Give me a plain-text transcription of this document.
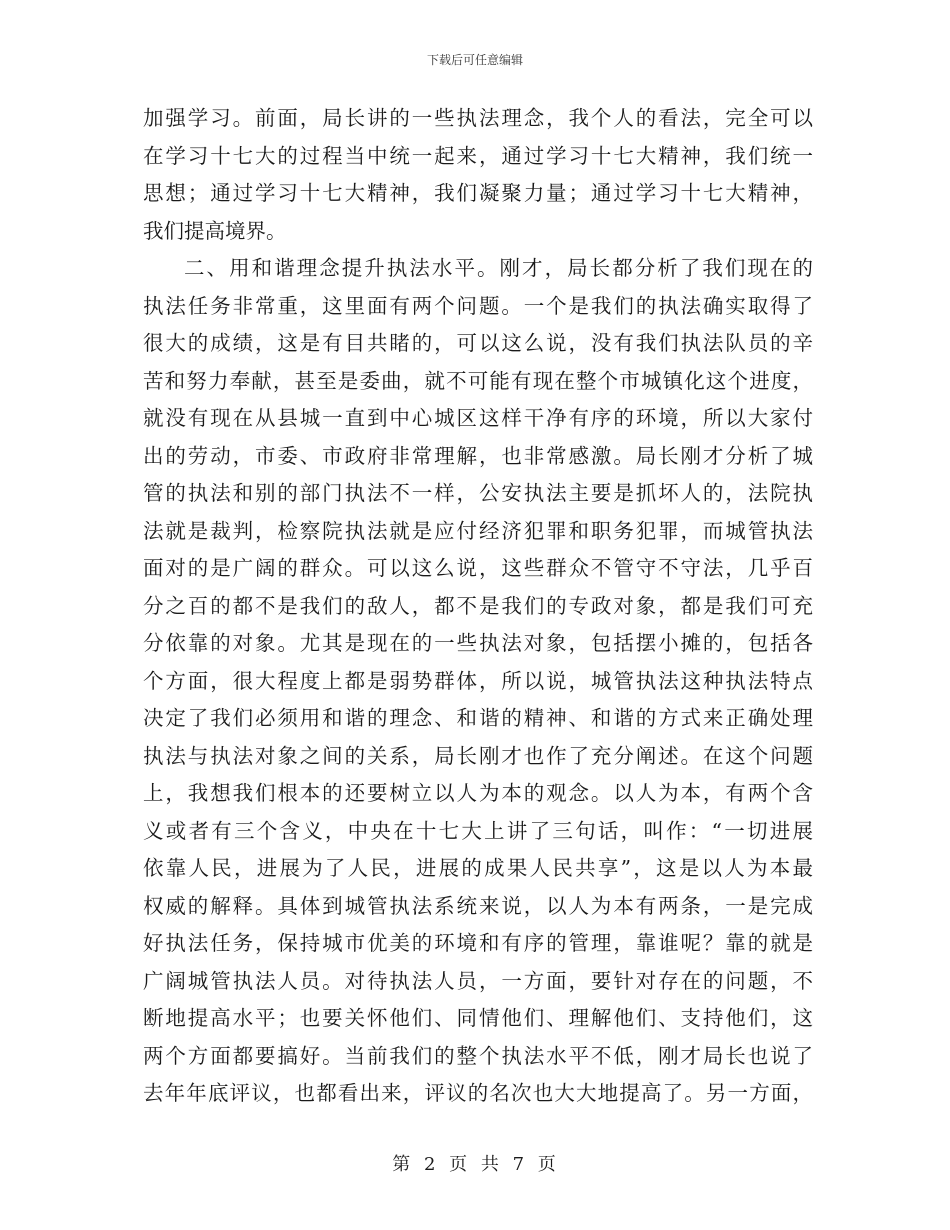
下载后可任意编辑
加强学习。前面，局长讲的一些执法理念，我个人的看法，完全可以
在学习十七大的过程当中统一起来，通过学习十七大精神，我们统一
思想；通过学习十七大精神，我们凝聚力量；通过学习十七大精神，
我们提高境界。
二、用和谐理念提升执法水平。刚才，局长都分析了我们现在的
执法任务非常重，这里面有两个问题。一个是我们的执法确实取得了
很大的成绩，这是有目共睹的，可以这么说，没有我们执法队员的辛
苦和努力奉献，甚至是委曲，就不可能有现在整个市城镇化这个进度，
就没有现在从县城一直到中心城区这样干净有序的环境，所以大家付
出的劳动，市委、市政府非常理解，也非常感激。局长刚才分析了城
管的执法和别的部门执法不一样，公安执法主要是抓坏人的，法院执
法就是裁判，检察院执法就是应付经济犯罪和职务犯罪，而城管执法
面对的是广阔的群众。可以这么说，这些群众不管守不守法，几乎百
分之百的都不是我们的敌人，都不是我们的专政对象，都是我们可充
分依靠的对象。尤其是现在的一些执法对象，包括摆小摊的，包括各
个方面，很大程度上都是弱势群体，所以说，城管执法这种执法特点
决定了我们必须用和谐的理念、和谐的精神、和谐的方式来正确处理
执法与执法对象之间的关系，局长刚才也作了充分阐述。在这个问题
上，我想我们根本的还要树立以人为本的观念。以人为本，有两个含
义或者有三个含义，中央在十七大上讲了三句话，叫作：“一切进展
依靠人民，进展为了人民，进展的成果人民共享”，这是以人为本最
权威的解释。具体到城管执法系统来说，以人为本有两条，一是完成
好执法任务，保持城市优美的环境和有序的管理，靠谁呢？靠的就是
广阔城管执法人员。对待执法人员，一方面，要针对存在的问题，不
断地提高水平；也要关怀他们、同情他们、理解他们、支持他们，这
两个方面都要搞好。当前我们的整个执法水平不低，刚才局长也说了
去年年底评议，也都看出来，评议的名次也大大地提高了。另一方面，
第 2 页 共 7 页
